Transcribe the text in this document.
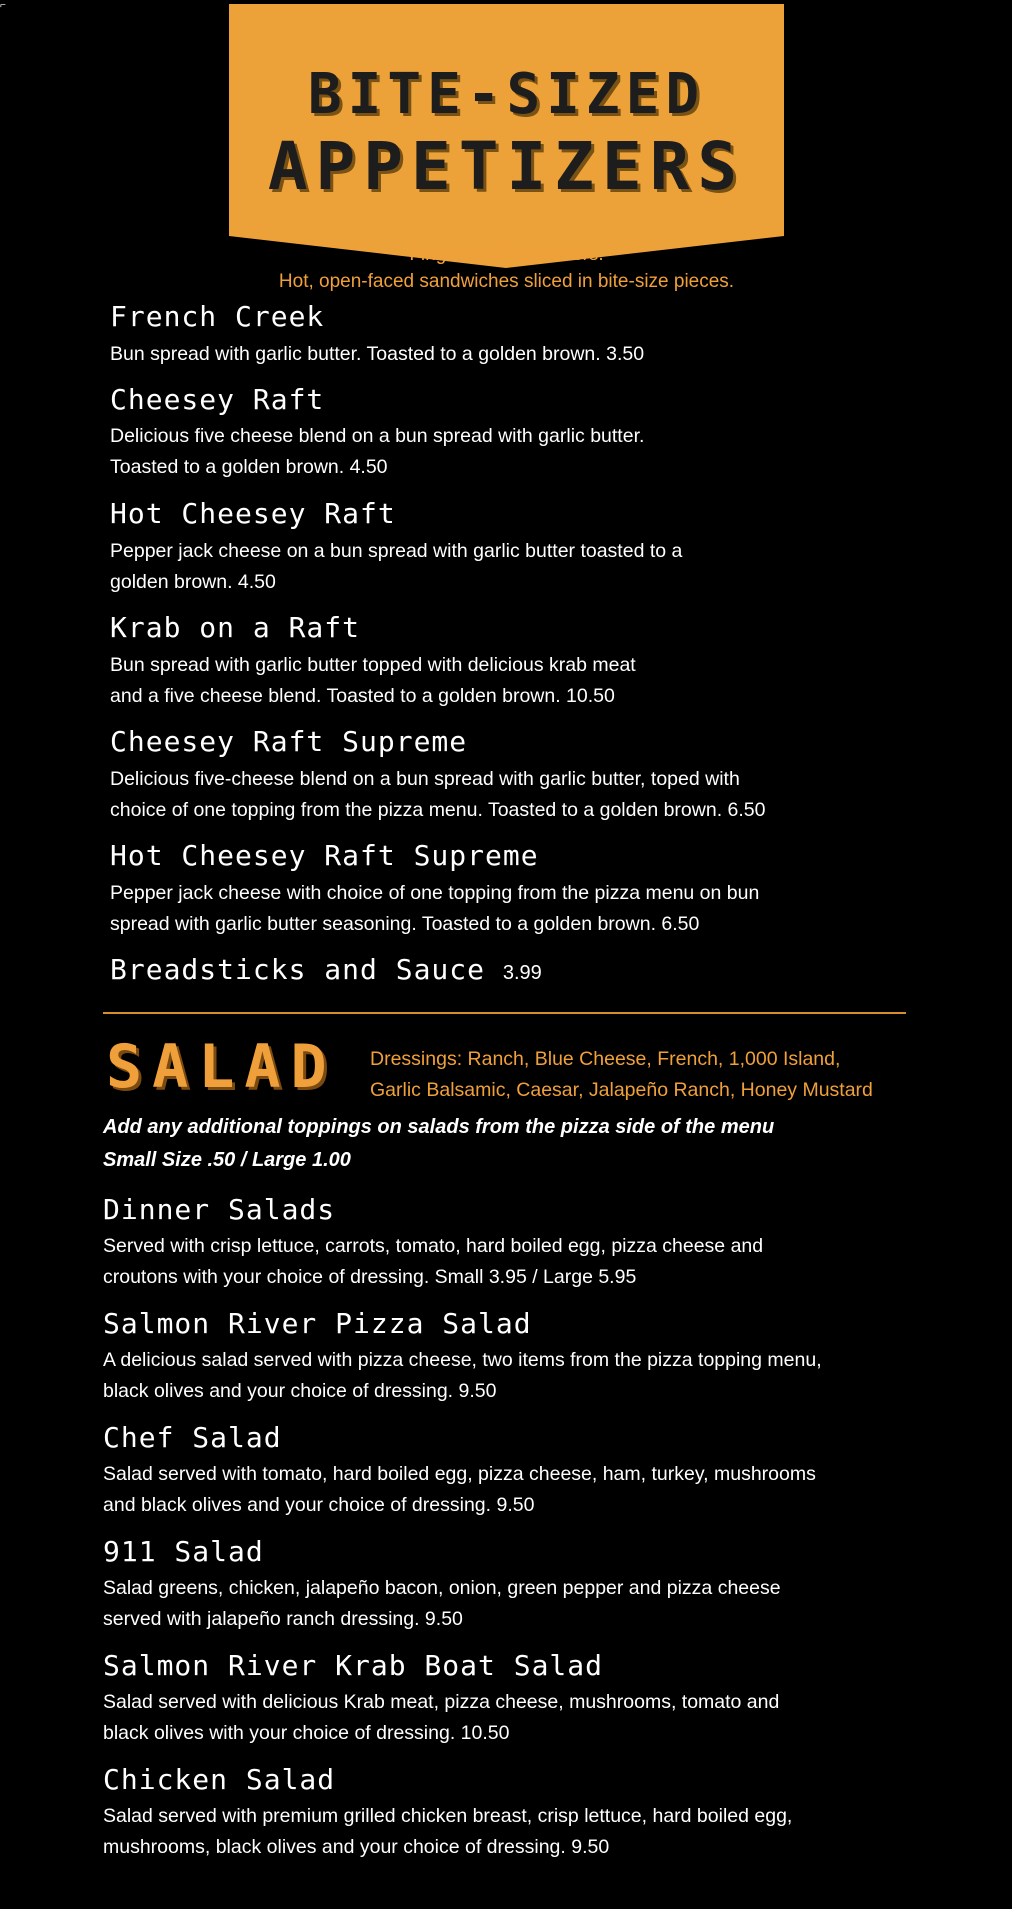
⌐
BITE-SIZED
APPETIZERS
Finger food appetizers.
Hot, open-faced sandwiches sliced in bite-size pieces.
French Creek
Bun spread with garlic butter. Toasted to a golden brown. 3.50
Cheesey Raft
Delicious five cheese blend on a bun spread with garlic butter.
Toasted to a golden brown. 4.50
Hot Cheesey Raft
Pepper jack cheese on a bun spread with garlic butter toasted to a
golden brown. 4.50
Krab on a Raft
Bun spread with garlic butter topped with delicious krab meat
and a five cheese blend. Toasted to a golden brown. 10.50
Cheesey Raft Supreme
Delicious five-cheese blend on a bun spread with garlic butter, toped with
choice of one topping from the pizza menu. Toasted to a golden brown. 6.50
Hot Cheesey Raft Supreme
Pepper jack cheese with choice of one topping from the pizza menu on bun
spread with garlic butter seasoning. Toasted to a golden brown. 6.50
Breadsticks and Sauce 3.99
SALAD Dressings: Ranch, Blue Cheese, French, 1,000 Island,
Garlic Balsamic, Caesar, Jalapeño Ranch, Honey Mustard
Add any additional toppings on salads from the pizza side of the menu
Small Size .50 / Large 1.00
Dinner Salads
Served with crisp lettuce, carrots, tomato, hard boiled egg, pizza cheese and
croutons with your choice of dressing. Small 3.95 / Large 5.95
Salmon River Pizza Salad
A delicious salad served with pizza cheese, two items from the pizza topping menu,
black olives and your choice of dressing. 9.50
Chef Salad
Salad served with tomato, hard boiled egg, pizza cheese, ham, turkey, mushrooms
and black olives and your choice of dressing. 9.50
911 Salad
Salad greens, chicken, jalapeño bacon, onion, green pepper and pizza cheese
served with jalapeño ranch dressing. 9.50
Salmon River Krab Boat Salad
Salad served with delicious Krab meat, pizza cheese, mushrooms, tomato and
black olives with your choice of dressing. 10.50
Chicken Salad
Salad served with premium grilled chicken breast, crisp lettuce, hard boiled egg,
mushrooms, black olives and your choice of dressing. 9.50
